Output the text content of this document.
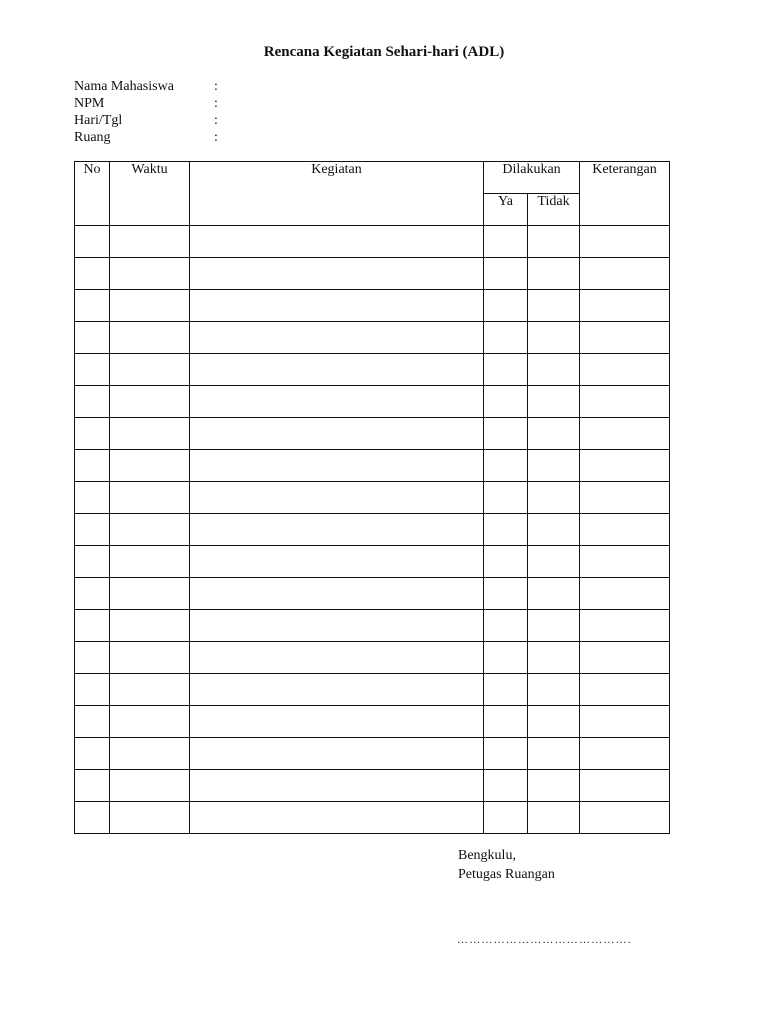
Rencana Kegiatan Sehari-hari (ADL)
Nama Mahasiswa	:
NPM	:
Hari/Tgl	:
Ruang	:
No	Waktu	Kegiatan	Dilakukan		Keterangan
			Ya	Tidak	

Bengkulu,
Petugas Ruangan
…………………………………….
